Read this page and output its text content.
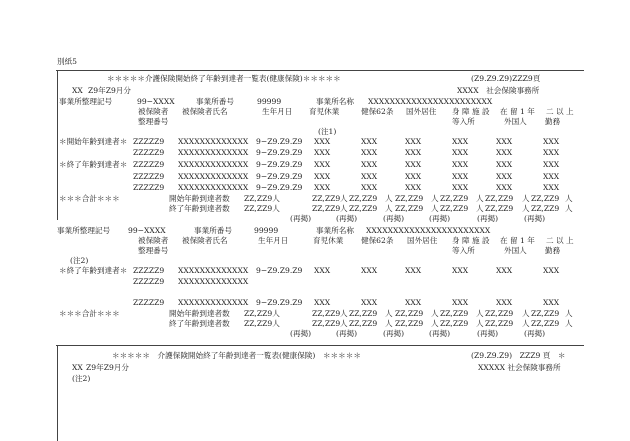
別紙5
＊＊＊＊＊介護保険開始終了年齢到達者一覧表(健康保険)＊＊＊＊＊	(Z9.Z9.Z9)ZZZ9頁
XX Z9年Z9月分	XXXX　社会保険事務所
事業所整理記号	99−XXXX	事業所番号	99999	事業所名称 XXXXXXXXXXXXXXXXXXXXXXX
被保険者 被保険者氏名	生年月日 育児休業	健保62条 国外居住 身 障 施 設 在 留 1 年 二 以 上
整理番号	等入所	外国人 勤務
(注1)
＊開始年齢到達者＊ ZZZZZ9 XXXXXXXXXXXXX 9−Z9.Z9.Z9 XXX	XXX	XXX	XXX	XXX	XXX
ZZZZZ9 XXXXXXXXXXXXX 9−Z9.Z9.Z9 XXX	XXX	XXX	XXX	XXX	XXX
＊終了年齢到達者＊ ZZZZZ9 XXXXXXXXXXXXX 9−Z9.Z9.Z9 XXX	XXX	XXX	XXX	XXX	XXX
ZZZZZ9 XXXXXXXXXXXXX 9−Z9.Z9.Z9 XXX	XXX	XXX	XXX	XXX	XXX
ZZZZZ9 XXXXXXXXXXXXX 9−Z9.Z9.Z9 XXX	XXX	XXX	XXX	XXX	XXX
＊＊＊合計＊＊＊	開始年齢到達者数 ZZ,ZZ9人	ZZ,ZZ9 人 ZZ,ZZ9 人 ZZ,ZZ9 人 ZZ,ZZ9 人 ZZ,ZZ9 人 ZZ,ZZ9 人
終了年齢到達者数 ZZ,ZZ9人	ZZ,ZZ9 人 ZZ,ZZ9 人 ZZ,ZZ9 人 ZZ,ZZ9 人 ZZ,ZZ9 人 ZZ,ZZ9 人
(再掲)	(再掲)	(再掲)	(再掲)	(再掲)	(再掲)
事業所整理記号 99−XXXX	事業所番号	99999	事業所名称 XXXXXXXXXXXXXXXXXXXXXXX
被保険者 被保険者氏名	生年月日	育児休業 健保62条 国外居住 身 障 施 設 在 留 1 年 二 以 上
整理番号	等入所	外国人 勤務
(注2)
＊終了年齢到達者＊ ZZZZZ9 XXXXXXXXXXXXX 9−Z9.Z9.Z9 XXX	XXX	XXX	XXX	XXX	XXX
ZZZZZ9 XXXXXXXXXXXXX
ZZZZZ9 XXXXXXXXXXXXX 9−Z9.Z9.Z9 XXX	XXX	XXX	XXX	XXX	XXX
＊＊＊合計＊＊＊	開始年齢到達者数 ZZ,ZZ9人	ZZ,ZZ9 人 ZZ,ZZ9 人 ZZ,ZZ9 人 ZZ,ZZ9 人 ZZ,ZZ9 人 ZZ,ZZ9 人
終了年齢到達者数 ZZ,ZZ9人	ZZ,ZZ9 人 ZZ,ZZ9 人 ZZ,ZZ9 人 ZZ,ZZ9 人 ZZ,ZZ9 人 ZZ,ZZ9 人
(再掲)	(再掲)	(再掲)	(再掲)	(再掲)	(再掲)
＊＊＊＊＊　介護保険開始終了年齢到達者一覧表(健康保険)　＊＊＊＊＊	(Z9.Z9.Z9)　ZZZ9 頁　＊
XX Z9年Z9月分	XXXXX 社会保険事務所
(注2)
